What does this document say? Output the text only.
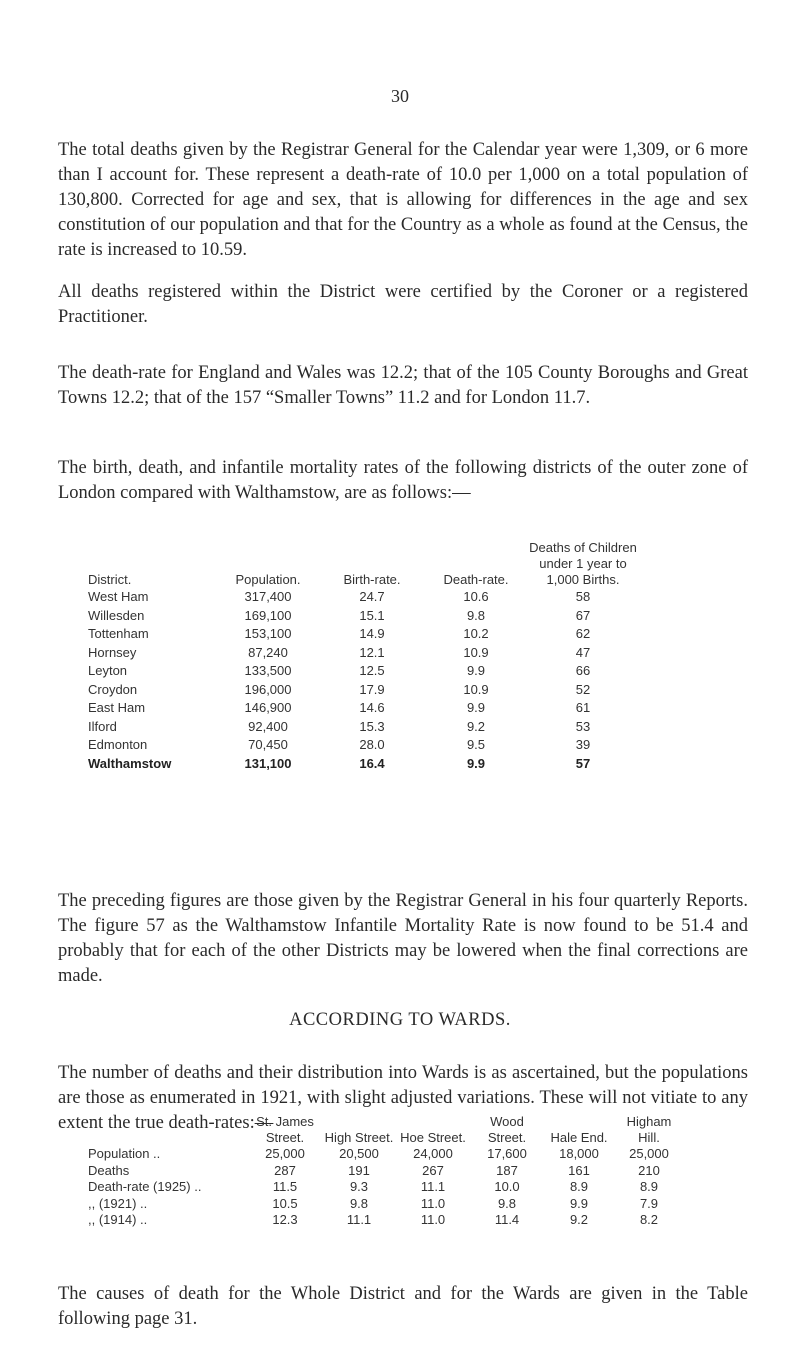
30
The total deaths given by the Registrar General for the Calendar year were 1,309, or 6 more than I account for. These represent a death-rate of 10.0 per 1,000 on a total population of 130,800. Corrected for age and sex, that is allowing for differences in the age and sex constitution of our population and that for the Country as a whole as found at the Census, the rate is increased to 10.59.
All deaths registered within the District were certified by the Coroner or a registered Practitioner.
The death-rate for England and Wales was 12.2; that of the 105 County Boroughs and Great Towns 12.2; that of the 157 “Smaller Towns” 11.2 and for London 11.7.
The birth, death, and infantile mortality rates of the following districts of the outer zone of London compared with Walthamstow, are as follows:—
District.	Population.	Birth-rate.	Death-rate.	Deaths of Children under 1 year to 1,000 Births.
West Ham	317,400	24.7	10.6	58
Willesden	169,100	15.1	9.8	67
Tottenham	153,100	14.9	10.2	62
Hornsey	87,240	12.1	10.9	47
Leyton	133,500	12.5	9.9	66
Croydon	196,000	17.9	10.9	52
East Ham	146,900	14.6	9.9	61
Ilford	92,400	15.3	9.2	53
Edmonton	70,450	28.0	9.5	39
Walthamstow	131,100	16.4	9.9	57
The preceding figures are those given by the Registrar General in his four quarterly Reports. The figure 57 as the Walthamstow Infantile Mortality Rate is now found to be 51.4 and probably that for each of the other Districts may be lowered when the final corrections are made.
ACCORDING TO WARDS.
The number of deaths and their distribution into Wards is as ascertained, but the populations are those as enumerated in 1921, with slight adjusted variations. These will not vitiate to any extent the true death-rates:—
	St. James Street.	High Street.	Hoe Street.	Wood Street.	Hale End.	Higham Hill.
Population ..	25,000	20,500	24,000	17,600	18,000	25,000
Deaths	287	191	267	187	161	210
Death-rate (1925) ..	11.5	9.3	11.1	10.0	8.9	8.9
,, (1921) ..	10.5	9.8	11.0	9.8	9.9	7.9
,, (1914) ..	12.3	11.1	11.0	11.4	9.2	8.2
The causes of death for the Whole District and for the Wards are given in the Table following page 31.
